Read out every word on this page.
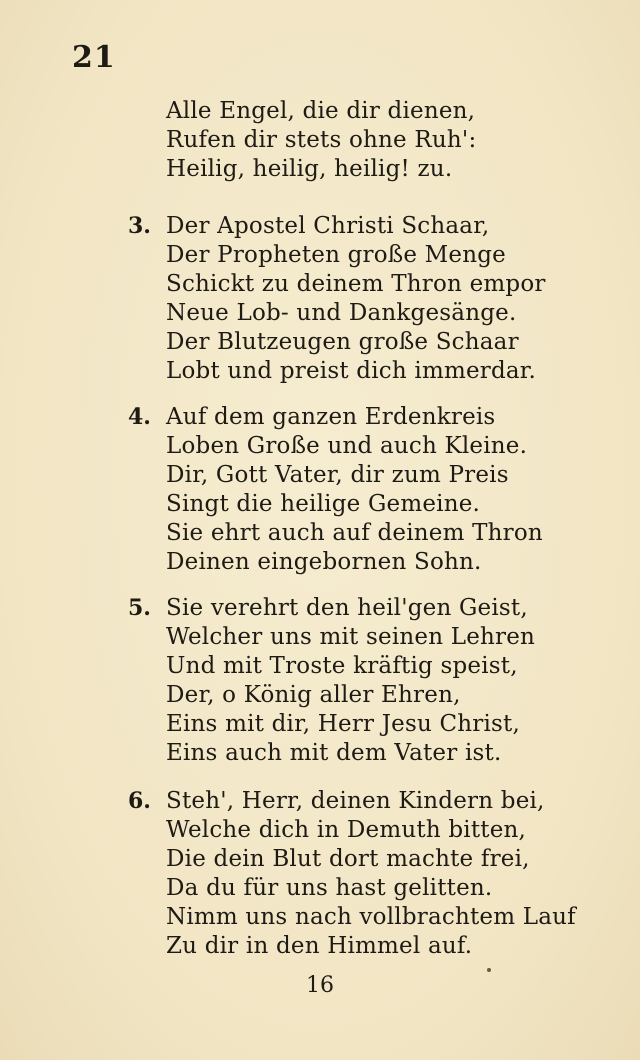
21
Alle Engel, die dir dienen,
Rufen dir stets ohne Ruh':
Heilig, heilig, heilig! zu.
3. Der Apostel Christi Schaar,
Der Propheten große Menge
Schickt zu deinem Thron empor
Neue Lob- und Dankgesänge.
Der Blutzeugen große Schaar
Lobt und preist dich immerdar.
4. Auf dem ganzen Erdenkreis
Loben Große und auch Kleine.
Dir, Gott Vater, dir zum Preis
Singt die heilige Gemeine.
Sie ehrt auch auf deinem Thron
Deinen eingebornen Sohn.
5. Sie verehrt den heil'gen Geist,
Welcher uns mit seinen Lehren
Und mit Troste kräftig speist,
Der, o König aller Ehren,
Eins mit dir, Herr Jesu Christ,
Eins auch mit dem Vater ist.
6. Steh', Herr, deinen Kindern bei,
Welche dich in Demuth bitten,
Die dein Blut dort machte frei,
Da du für uns hast gelitten.
Nimm uns nach vollbrachtem Lauf
Zu dir in den Himmel auf.
16
